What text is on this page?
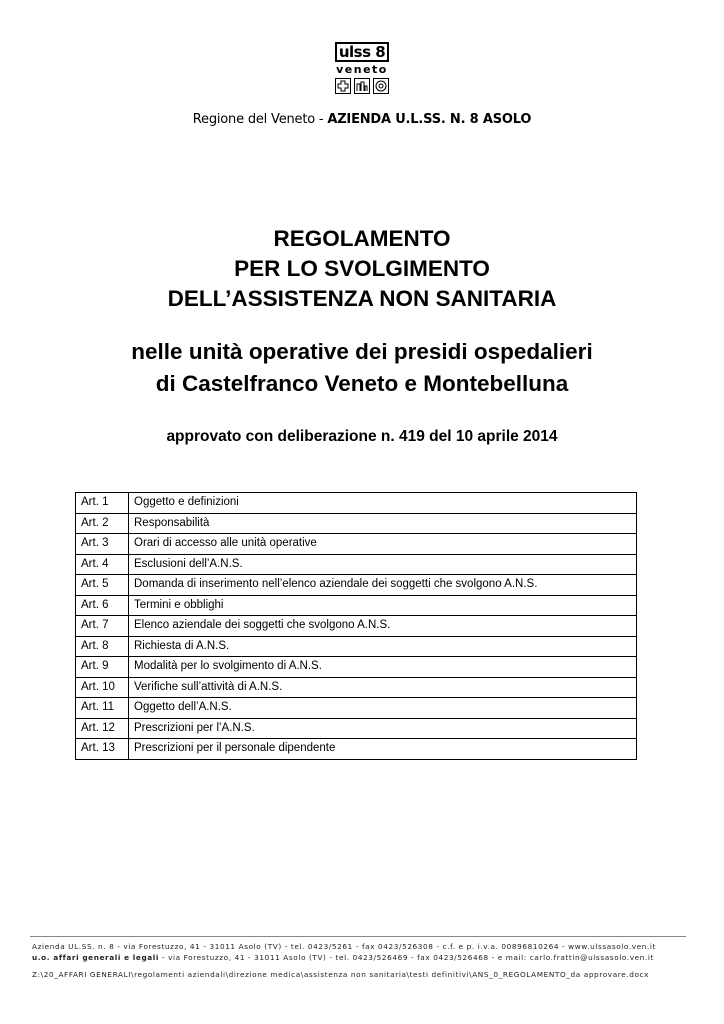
ulss 8
veneto
Regione del Veneto - AZIENDA U.L.SS. N. 8 ASOLO
REGOLAMENTO
PER LO SVOLGIMENTO
DELL’ASSISTENZA NON SANITARIA
nelle unità operative dei presidi ospedalieri
di Castelfranco Veneto e Montebelluna
approvato con deliberazione n. 419 del 10 aprile 2014
Art. 1	Oggetto e definizioni
Art. 2	Responsabilità
Art. 3	Orari di accesso alle unità operative
Art. 4	Esclusioni dell’A.N.S.
Art. 5	Domanda di inserimento nell’elenco aziendale dei soggetti che svolgono A.N.S.
Art. 6	Termini e obblighi
Art. 7	Elenco aziendale dei soggetti che svolgono A.N.S.
Art. 8	Richiesta di A.N.S.
Art. 9	Modalità per lo svolgimento di A.N.S.
Art. 10	Verifiche sull’attività di A.N.S.
Art. 11	Oggetto dell’A.N.S.
Art. 12	Prescrizioni per l’A.N.S.
Art. 13	Prescrizioni per il personale dipendente
Azienda UL.SS. n. 8 - via Forestuzzo, 41 - 31011 Asolo (TV) - tel. 0423/5261 - fax 0423/526308 - c.f. e p. i.v.a. 00896810264 - www.ulssasolo.ven.it
u.o. affari generali e legali - via Forestuzzo, 41 - 31011 Asolo (TV) - tel. 0423/526469 - fax 0423/526468 - e mail: carlo.frattin@ulssasolo.ven.it
Z:\20_AFFARI GENERALI\regolamenti aziendali\direzione medica\assistenza non sanitaria\testi definitivi\ANS_0_REGOLAMENTO_da approvare.docx
